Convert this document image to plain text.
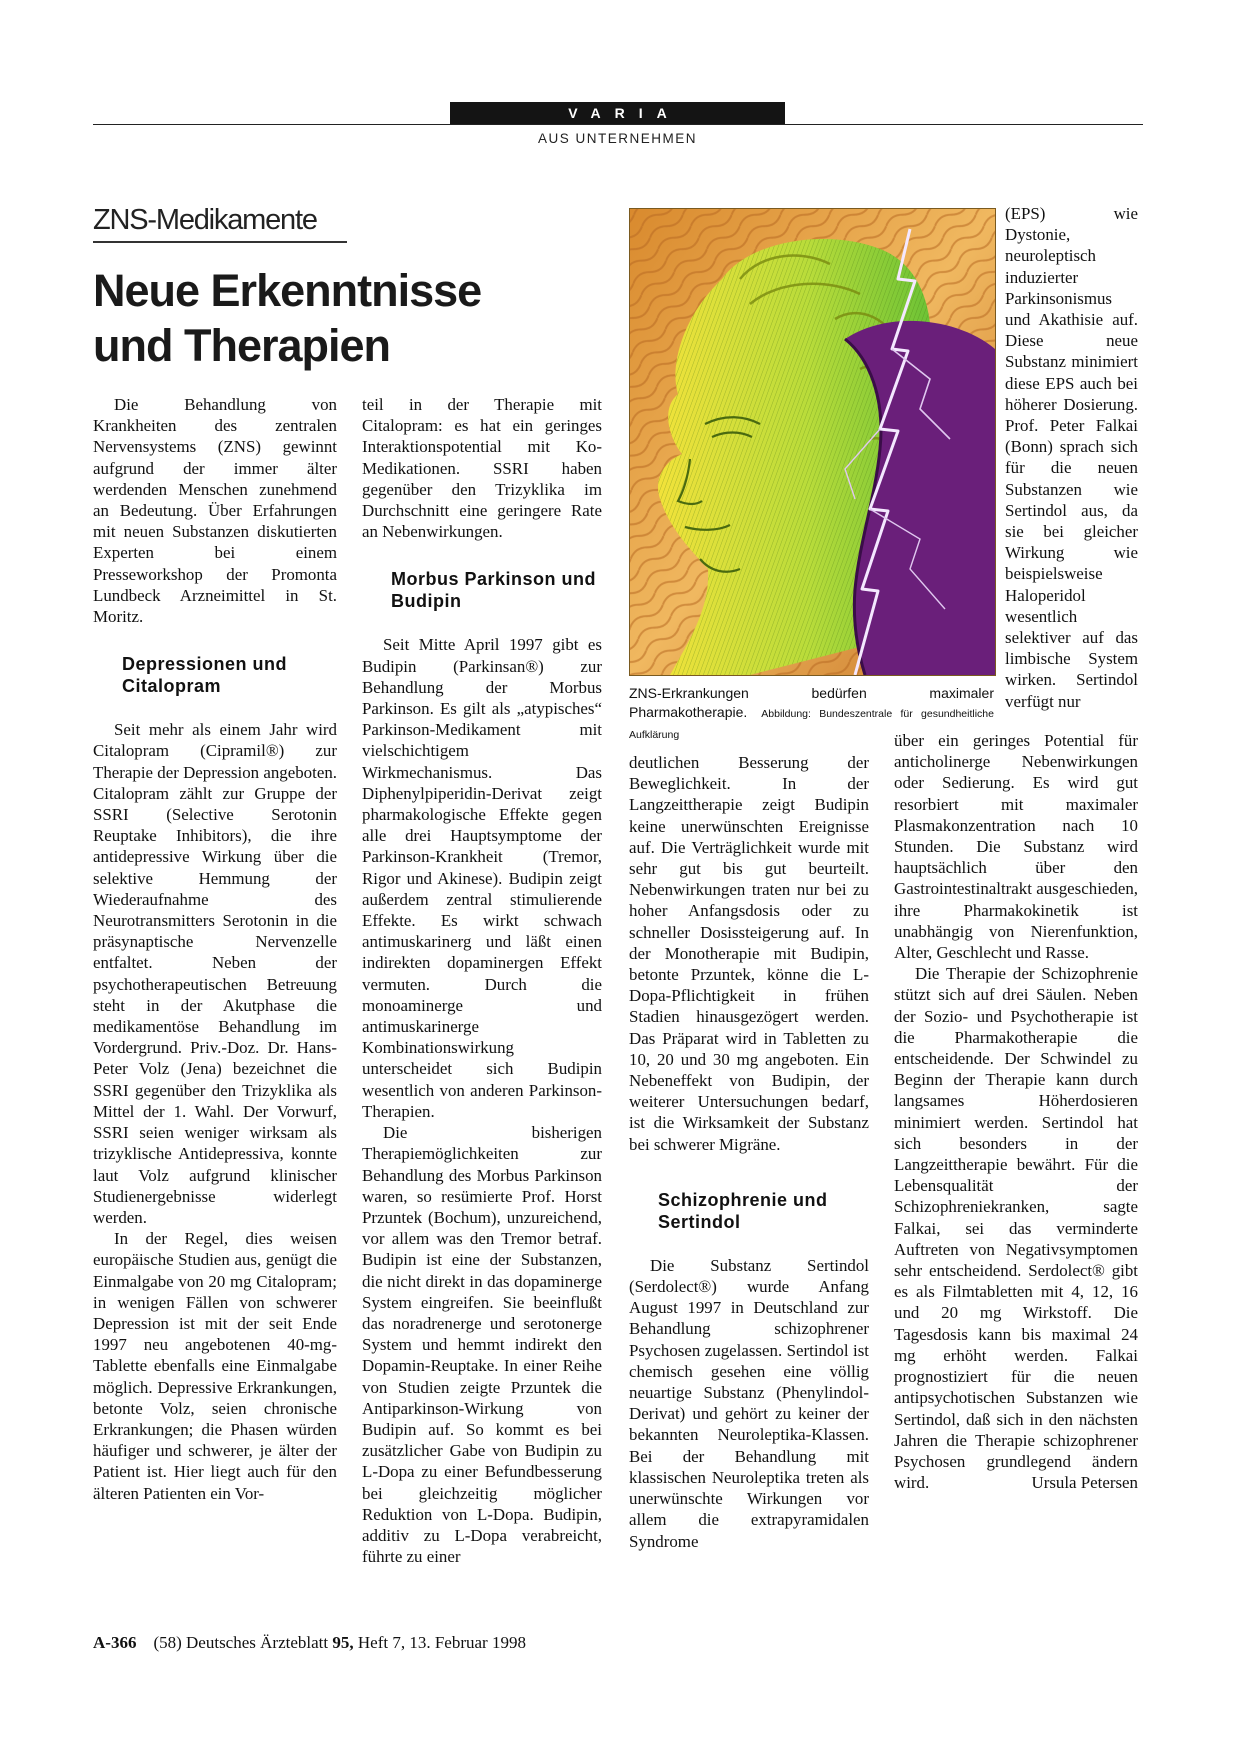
VARIA
AUS UNTERNEHMEN
ZNS-Medikamente
Neue Erkenntnisse
und Therapien

Die Behandlung von Krankheiten des zentralen Nervensystems (ZNS) gewinnt aufgrund der immer älter werdenden Menschen zunehmend an Bedeutung. Über Erfahrungen mit neuen Substanzen diskutierten Experten bei einem Presseworkshop der Promonta Lundbeck Arzneimittel in St. Moritz.

Depressionen und Citalopram

Seit mehr als einem Jahr wird Citalopram (Cipramil®) zur Therapie der Depression angeboten. Citalopram zählt zur Gruppe der SSRI (Selective Serotonin Reuptake Inhibitors), die ihre antidepressive Wirkung über die selektive Hemmung der Wiederaufnahme des Neurotransmitters Serotonin in die präsynaptische Nervenzelle entfaltet. Neben der psychotherapeutischen Betreuung steht in der Akutphase die medikamentöse Behandlung im Vordergrund. Priv.-Doz. Dr. Hans-Peter Volz (Jena) bezeichnet die SSRI gegenüber den Trizyklika als Mittel der 1. Wahl. Der Vorwurf, SSRI seien weniger wirksam als trizyklische Antidepressiva, konnte laut Volz aufgrund klinischer Studienergebnisse widerlegt werden.

In der Regel, dies weisen europäische Studien aus, genügt die Einmalgabe von 20 mg Citalopram; in wenigen Fällen von schwerer Depression ist mit der seit Ende 1997 neu angebotenen 40-mg-Tablette ebenfalls eine Einmalgabe möglich. Depressive Erkrankungen, betonte Volz, seien chronische Erkrankungen; die Phasen würden häufiger und schwerer, je älter der Patient ist. Hier liegt auch für den älteren Patienten ein Vor-

teil in der Therapie mit Citalopram: es hat ein geringes Interaktionspotential mit Ko-Medikationen. SSRI haben gegenüber den Trizyklika im Durchschnitt eine geringere Rate an Nebenwirkungen.

Morbus Parkinson und Budipin

Seit Mitte April 1997 gibt es Budipin (Parkinsan®) zur Behandlung der Morbus Parkinson. Es gilt als „atypisches“ Parkinson-Medikament mit vielschichtigem Wirkmechanismus. Das Diphenylpiperidin-Derivat zeigt pharmakologische Effekte gegen alle drei Hauptsymptome der Parkinson-Krankheit (Tremor, Rigor und Akinese). Budipin zeigt außerdem zentral stimulierende Effekte. Es wirkt schwach antimuskarinerg und läßt einen indirekten dopaminergen Effekt vermuten. Durch die monoaminerge und antimuskarinerge Kombinationswirkung unterscheidet sich Budipin wesentlich von anderen Parkinson-Therapien.

Die bisherigen Therapiemöglichkeiten zur Behandlung des Morbus Parkinson waren, so resümierte Prof. Horst Przuntek (Bochum), unzureichend, vor allem was den Tremor betraf. Budipin ist eine der Substanzen, die nicht direkt in das dopaminerge System eingreifen. Sie beeinflußt das noradrenerge und serotonerge System und hemmt indirekt den Dopamin-Reuptake. In einer Reihe von Studien zeigte Przuntek die Antiparkinson-Wirkung von Budipin auf. So kommt es bei zusätzlicher Gabe von Budipin zu L-Dopa zu einer Befundbesserung bei gleichzeitig möglicher Reduktion von L-Dopa. Budipin, additiv zu L-Dopa verabreicht, führte zu einer

ZNS-Erkrankungen bedürfen maximaler Pharmakotherapie. Abbildung: Bundeszentrale für gesundheitliche Aufklärung

deutlichen Besserung der Beweglichkeit. In der Langzeittherapie zeigt Budipin keine unerwünschten Ereignisse auf. Die Verträglichkeit wurde mit sehr gut bis gut beurteilt. Nebenwirkungen traten nur bei zu hoher Anfangsdosis oder zu schneller Dosissteigerung auf. In der Monotherapie mit Budipin, betonte Przuntek, könne die L-Dopa-Pflichtigkeit in frühen Stadien hinausgezögert werden. Das Präparat wird in Tabletten zu 10, 20 und 30 mg angeboten. Ein Nebeneffekt von Budipin, der weiterer Untersuchungen bedarf, ist die Wirksamkeit der Substanz bei schwerer Migräne.

Schizophrenie und Sertindol

Die Substanz Sertindol (Serdolect®) wurde Anfang August 1997 in Deutschland zur Behandlung schizophrener Psychosen zugelassen. Sertindol ist chemisch gesehen eine völlig neuartige Substanz (Phenylindol-Derivat) und gehört zu keiner der bekannten Neuroleptika-Klassen. Bei der Behandlung mit klassischen Neuroleptika treten als unerwünschte Wirkungen vor allem die extrapyramidalen Syndrome

(EPS) wie Dystonie, neuroleptisch induzierter Parkinsonismus und Akathisie auf. Diese neue Substanz minimiert diese EPS auch bei höherer Dosierung. Prof. Peter Falkai (Bonn) sprach sich für die neuen Substanzen wie Sertindol aus, da sie bei gleicher Wirkung wie beispielsweise Haloperidol wesentlich selektiver auf das limbische System wirken. Sertindol verfügt nur

über ein geringes Potential für anticholinerge Nebenwirkungen oder Sedierung. Es wird gut resorbiert mit maximaler Plasmakonzentration nach 10 Stunden. Die Substanz wird hauptsächlich über den Gastrointestinaltrakt ausgeschieden, ihre Pharmakokinetik ist unabhängig von Nierenfunktion, Alter, Geschlecht und Rasse.

Die Therapie der Schizophrenie stützt sich auf drei Säulen. Neben der Sozio- und Psychotherapie ist die Pharmakotherapie die entscheidende. Der Schwindel zu Beginn der Therapie kann durch langsames Höherdosieren minimiert werden. Sertindol hat sich besonders in der Langzeittherapie bewährt. Für die Lebensqualität der Schizophreniekranken, sagte Falkai, sei das verminderte Auftreten von Negativsymptomen sehr entscheidend. Serdolect® gibt es als Filmtabletten mit 4, 12, 16 und 20 mg Wirkstoff. Die Tagesdosis kann bis maximal 24 mg erhöht werden. Falkai prognostiziert für die neuen antipsychotischen Substanzen wie Sertindol, daß sich in den nächsten Jahren die Therapie schizophrener Psychosen grundlegend ändern wird.	Ursula Petersen

A-366 (58) Deutsches Ärzteblatt 95, Heft 7, 13. Februar 1998
